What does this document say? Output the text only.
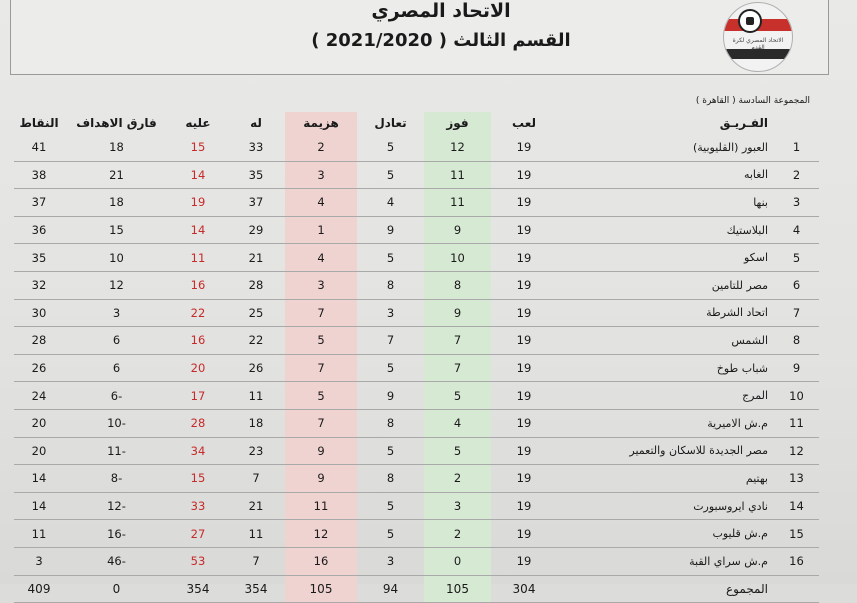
الاتحاد المصري
القسم الثالث ( 2021/2020 )	الاتحاد المصري لكرة القدم
المجموعة السادسة ( القاهرة )
النقاط	فارق الاهداف	عليه	له	هزيمة	تعادل	فوز	لعب	الفـريـق	
41	18	15	33	2	5	12	19	العبور (القليوبية)	1
38	21	14	35	3	5	11	19	الغابه	2
37	18	19	37	4	4	11	19	بنها	3
36	15	14	29	1	9	9	19	البلاستيك	4
35	10	11	21	4	5	10	19	اسكو	5
32	12	16	28	3	8	8	19	مصر للتامين	6
30	3	22	25	7	3	9	19	اتحاد الشرطة	7
28	6	16	22	5	7	7	19	الشمس	8
26	6	20	26	7	5	7	19	شباب طوخ	9
24	6-	17	11	5	9	5	19	المرج	10
20	10-	28	18	7	8	4	19	م.ش الاميرية	11
20	11-	34	23	9	5	5	19	مصر الجديدة للاسكان والتعمير	12
14	8-	15	7	9	8	2	19	بهتيم	13
14	12-	33	21	11	5	3	19	نادي ايروسبورت	14
11	16-	27	11	12	5	2	19	م.ش قليوب	15
3	46-	53	7	16	3	0	19	م.ش سراي القبة	16
409	0	354	354	105	94	105	304	المجموع	
